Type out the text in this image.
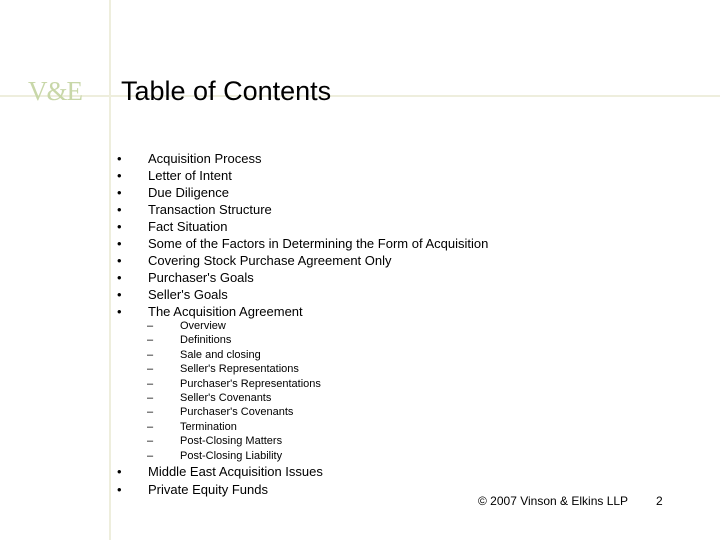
V&E Table of Contents
• Acquisition Process
• Letter of Intent
• Due Diligence
• Transaction Structure
• Fact Situation
• Some of the Factors in Determining the Form of Acquisition
• Covering Stock Purchase Agreement Only
• Purchaser's Goals
• Seller's Goals
• The Acquisition Agreement
– Overview
– Definitions
– Sale and closing
– Seller's Representations
– Purchaser's Representations
– Seller's Covenants
– Purchaser's Covenants
– Termination
– Post-Closing Matters
– Post-Closing Liability
• Middle East Acquisition Issues
• Private Equity Funds
© 2007 Vinson & Elkins LLP 2
